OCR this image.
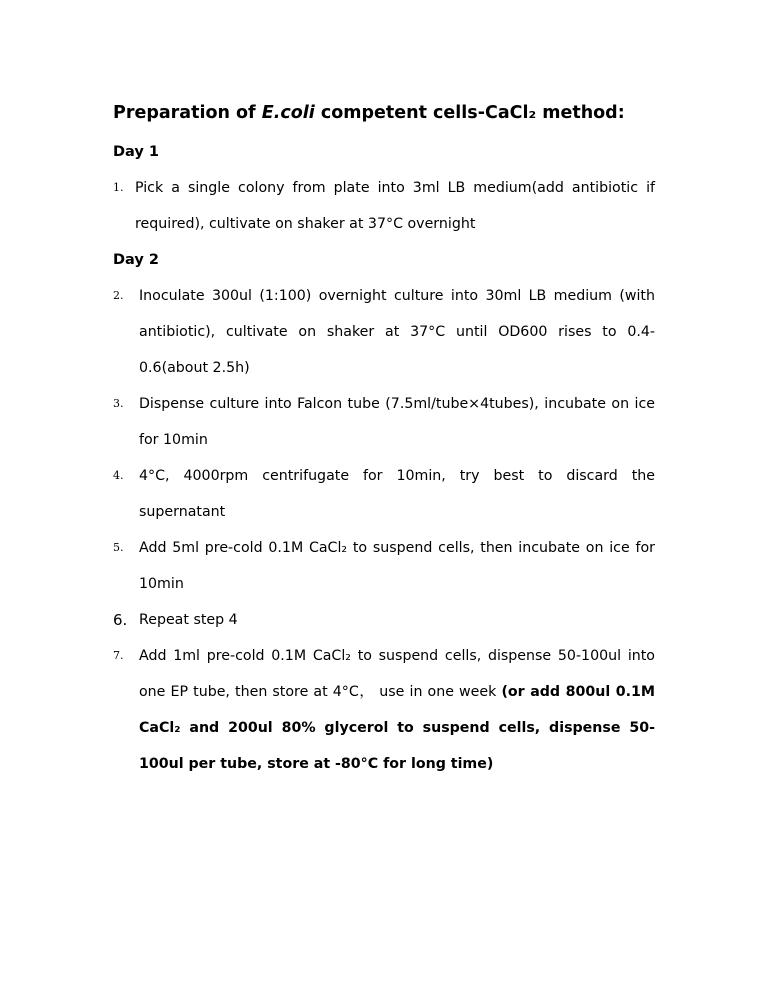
Preparation of E.coli competent cells-CaCl₂ method:
Day 1
1. Pick a single colony from plate into 3ml LB medium(add antibiotic if required), cultivate on shaker at 37°C overnight
Day 2
2.	Inoculate 300ul (1:100) overnight culture into 30ml LB medium (with antibiotic), cultivate on shaker at 37°C until OD600 rises to 0.4-0.6(about 2.5h)
3.	Dispense culture into Falcon tube (7.5ml/tube×4tubes), incubate on ice for 10min
4.	4°C, 4000rpm centrifugate for 10min, try best to discard the supernatant
5.	Add 5ml pre-cold 0.1M CaCl₂ to suspend cells, then incubate on ice for 10min
6. Repeat step 4
7.	Add 1ml pre-cold 0.1M CaCl₂ to suspend cells, dispense 50-100ul into one EP tube, then store at 4°C， use in one week (or add 800ul 0.1M CaCl₂ and 200ul 80% glycerol to suspend cells, dispense 50-100ul per tube, store at -80°C for long time)
